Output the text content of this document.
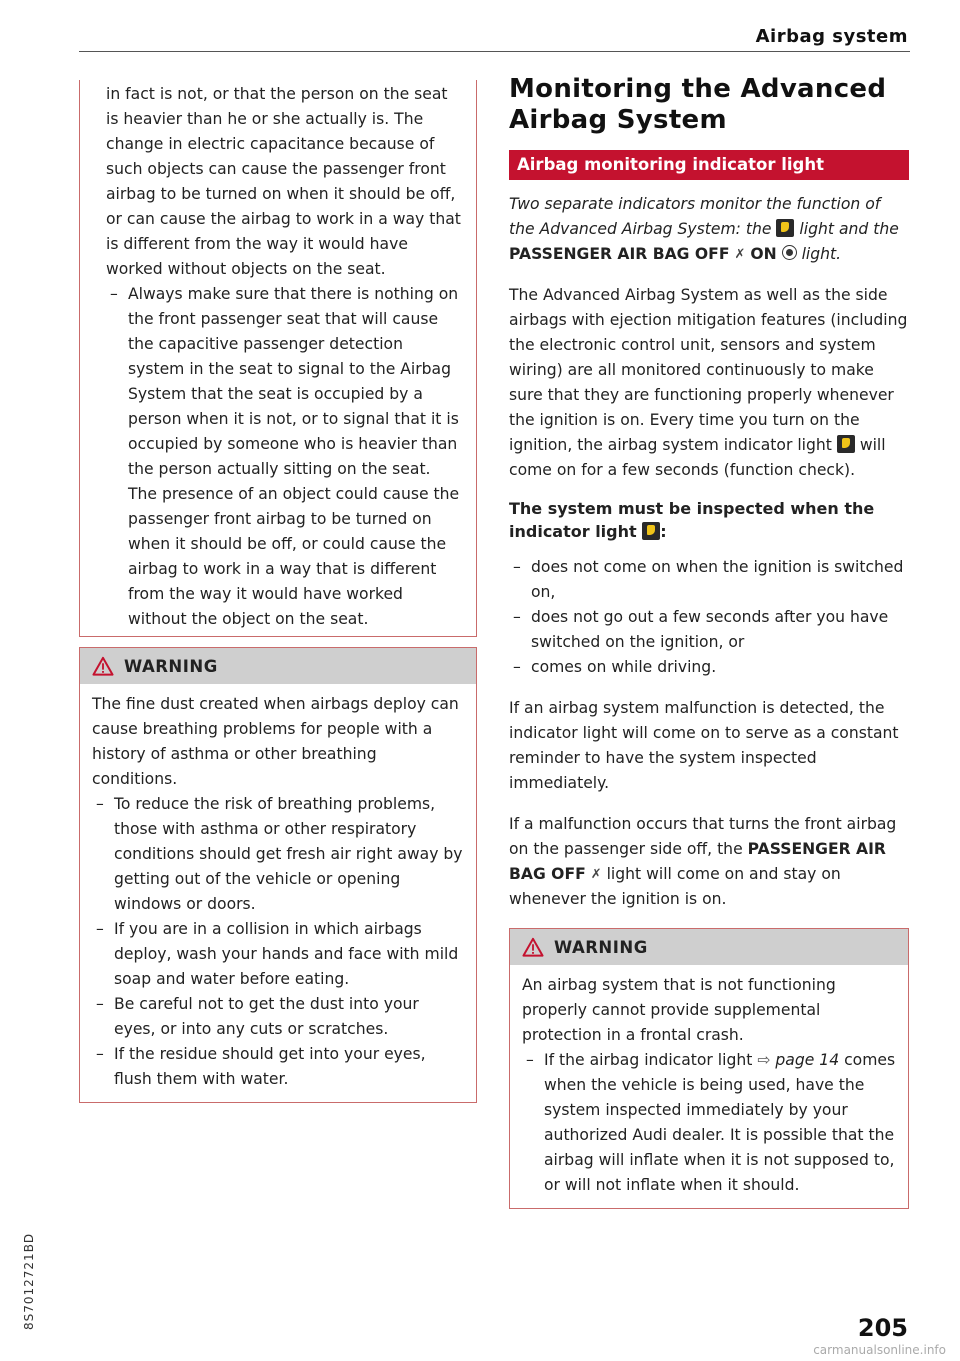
Airbag system

in fact is not, or that the person on the seat is heavier than he or she actually is. The change in electric capacitance because of such objects can cause the passenger front airbag to be turned on when it should be off, or can cause the airbag to work in a way that is different from the way it would have worked without objects on the seat.

– Always make sure that there is nothing on the front passenger seat that will cause the capacitive passenger detection system in the seat to signal to the Airbag System that the seat is occupied by a person when it is not, or to signal that it is occupied by someone who is heavier than the person actually sitting on the seat. The presence of an object could cause the passenger front airbag to be turned on when it should be off, or could cause the airbag to work in a way that is different from the way it would have worked without the object on the seat.
WARNING

The fine dust created when airbags deploy can cause breathing problems for people with a history of asthma or other breathing conditions.

– To reduce the risk of breathing problems, those with asthma or other respiratory conditions should get fresh air right away by getting out of the vehicle or opening windows or doors.
– If you are in a collision in which airbags deploy, wash your hands and face with mild soap and water before eating.
– Be careful not to get the dust into your eyes, or into any cuts or scratches.
– If the residue should get into your eyes, flush them with water.
Monitoring the Advanced Airbag System
Airbag monitoring indicator light

Two separate indicators monitor the function of the Advanced Airbag System: the light and the PASSENGER AIR BAG OFF ✗ ON light.

The Advanced Airbag System as well as the side airbags with ejection mitigation features (including the electronic control unit, sensors and system wiring) are all monitored continuously to make sure that they are functioning properly whenever the ignition is on. Every time you turn on the ignition, the airbag system indicator light will come on for a few seconds (function check).

The system must be inspected when the indicator light :

– does not come on when the ignition is switched on,
– does not go out a few seconds after you have switched on the ignition, or
– comes on while driving.

If an airbag system malfunction is detected, the indicator light will come on to serve as a constant reminder to have the system inspected immediately.

If a malfunction occurs that turns the front airbag on the passenger side off, the PASSENGER AIR BAG OFF ✗ light will come on and stay on whenever the ignition is on.

WARNING

An airbag system that is not functioning properly cannot provide supplemental protection in a frontal crash.

– If the airbag indicator light ⇨ page 14 comes when the vehicle is being used, have the system inspected immediately by your authorized Audi dealer. It is possible that the airbag will inflate when it is not supposed to, or will not inflate when it should.
8S7012721BD	205
carmanualsonline.info
